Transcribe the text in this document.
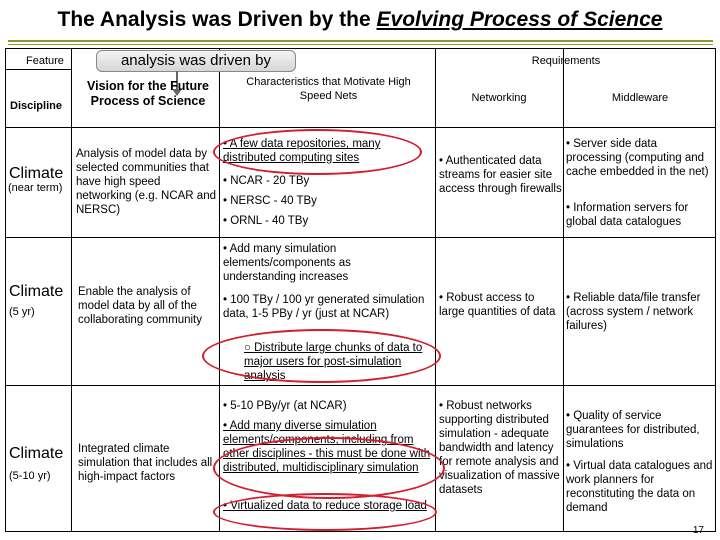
The Analysis was Driven by the Evolving Process of Science
Feature
Discipline
analysis was driven by
Vision for the Future Process of Science
Characteristics that Motivate High Speed Nets
Requirements
Networking	Middleware
Climate
(near term)
Analysis of model data by selected communities that have high speed networking (e.g. NCAR and NERSC)
• A few data repositories, many distributed computing sites
• NCAR - 20 TBy
• NERSC - 40 TBy
• ORNL - 40 TBy
• Authenticated data streams for easier site access through firewalls
• Server side data processing (computing and cache embedded in the net)
• Information servers for global data catalogues
Climate
(5 yr)
Enable the analysis of model data by all of the collaborating community
• Add many simulation elements/components as understanding increases
• 100 TBy / 100 yr generated simulation data, 1-5 PBy / yr (just at NCAR)
○ Distribute large chunks of data to major users for post-simulation analysis
• Robust access to large quantities of data
• Reliable data/file transfer (across system / network failures)
Climate
(5-10 yr)
Integrated climate simulation that includes all high-impact factors
• 5-10 PBy/yr (at NCAR)
• Add many diverse simulation elements/components, including from other disciplines - this must be done with distributed, multidisciplinary simulation
• Virtualized data to reduce storage load
• Robust networks supporting distributed simulation - adequate bandwidth and latency for remote analysis and visualization of massive datasets
• Quality of service guarantees for distributed, simulations
• Virtual data catalogues and work planners for reconstituting the data on demand
17
